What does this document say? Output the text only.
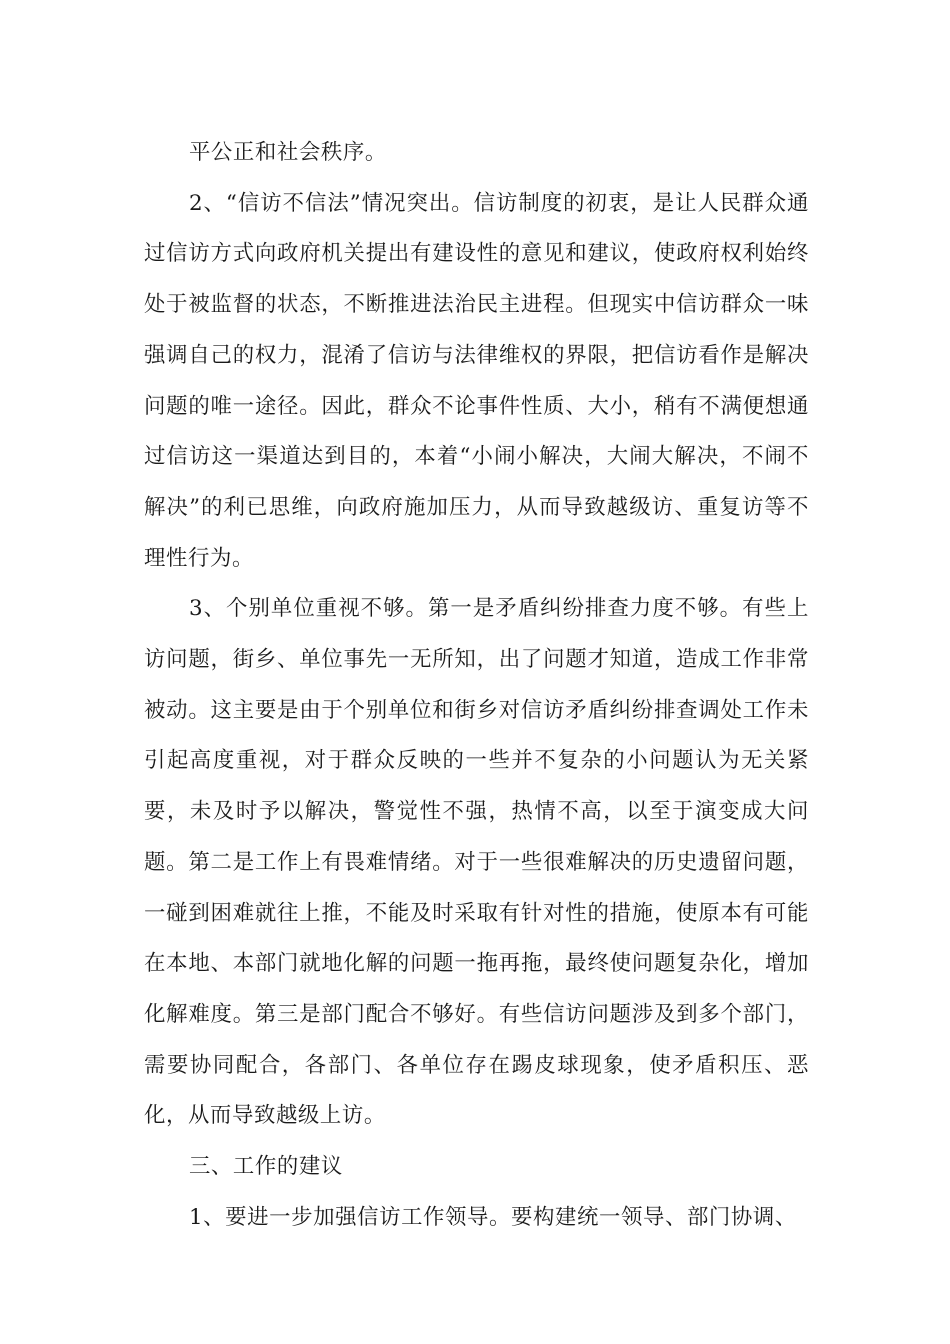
平公正和社会秩序。

2、“信访不信法”情况突出。信访制度的初衷，是让人民群众通过信访方式向政府机关提出有建设性的意见和建议，使政府权利始终处于被监督的状态，不断推进法治民主进程。但现实中信访群众一味强调自己的权力，混淆了信访与法律维权的界限，把信访看作是解决问题的唯一途径。因此，群众不论事件性质、大小，稍有不满便想通过信访这一渠道达到目的，本着“小闹小解决，大闹大解决，不闹不解决”的利已思维，向政府施加压力，从而导致越级访、重复访等不理性行为。

3、个别单位重视不够。第一是矛盾纠纷排查力度不够。有些上访问题，街乡、单位事先一无所知，出了问题才知道，造成工作非常被动。这主要是由于个别单位和街乡对信访矛盾纠纷排查调处工作未引起高度重视，对于群众反映的一些并不复杂的小问题认为无关紧要，未及时予以解决，警觉性不强，热情不高，以至于演变成大问题。第二是工作上有畏难情绪。对于一些很难解决的历史遗留问题，一碰到困难就往上推，不能及时采取有针对性的措施，使原本有可能在本地、本部门就地化解的问题一拖再拖，最终使问题复杂化，增加化解难度。第三是部门配合不够好。有些信访问题涉及到多个部门，需要协同配合，各部门、各单位存在踢皮球现象，使矛盾积压、恶化，从而导致越级上访。

三、工作的建议

1、要进一步加强信访工作领导。要构建统一领导、部门协调、
